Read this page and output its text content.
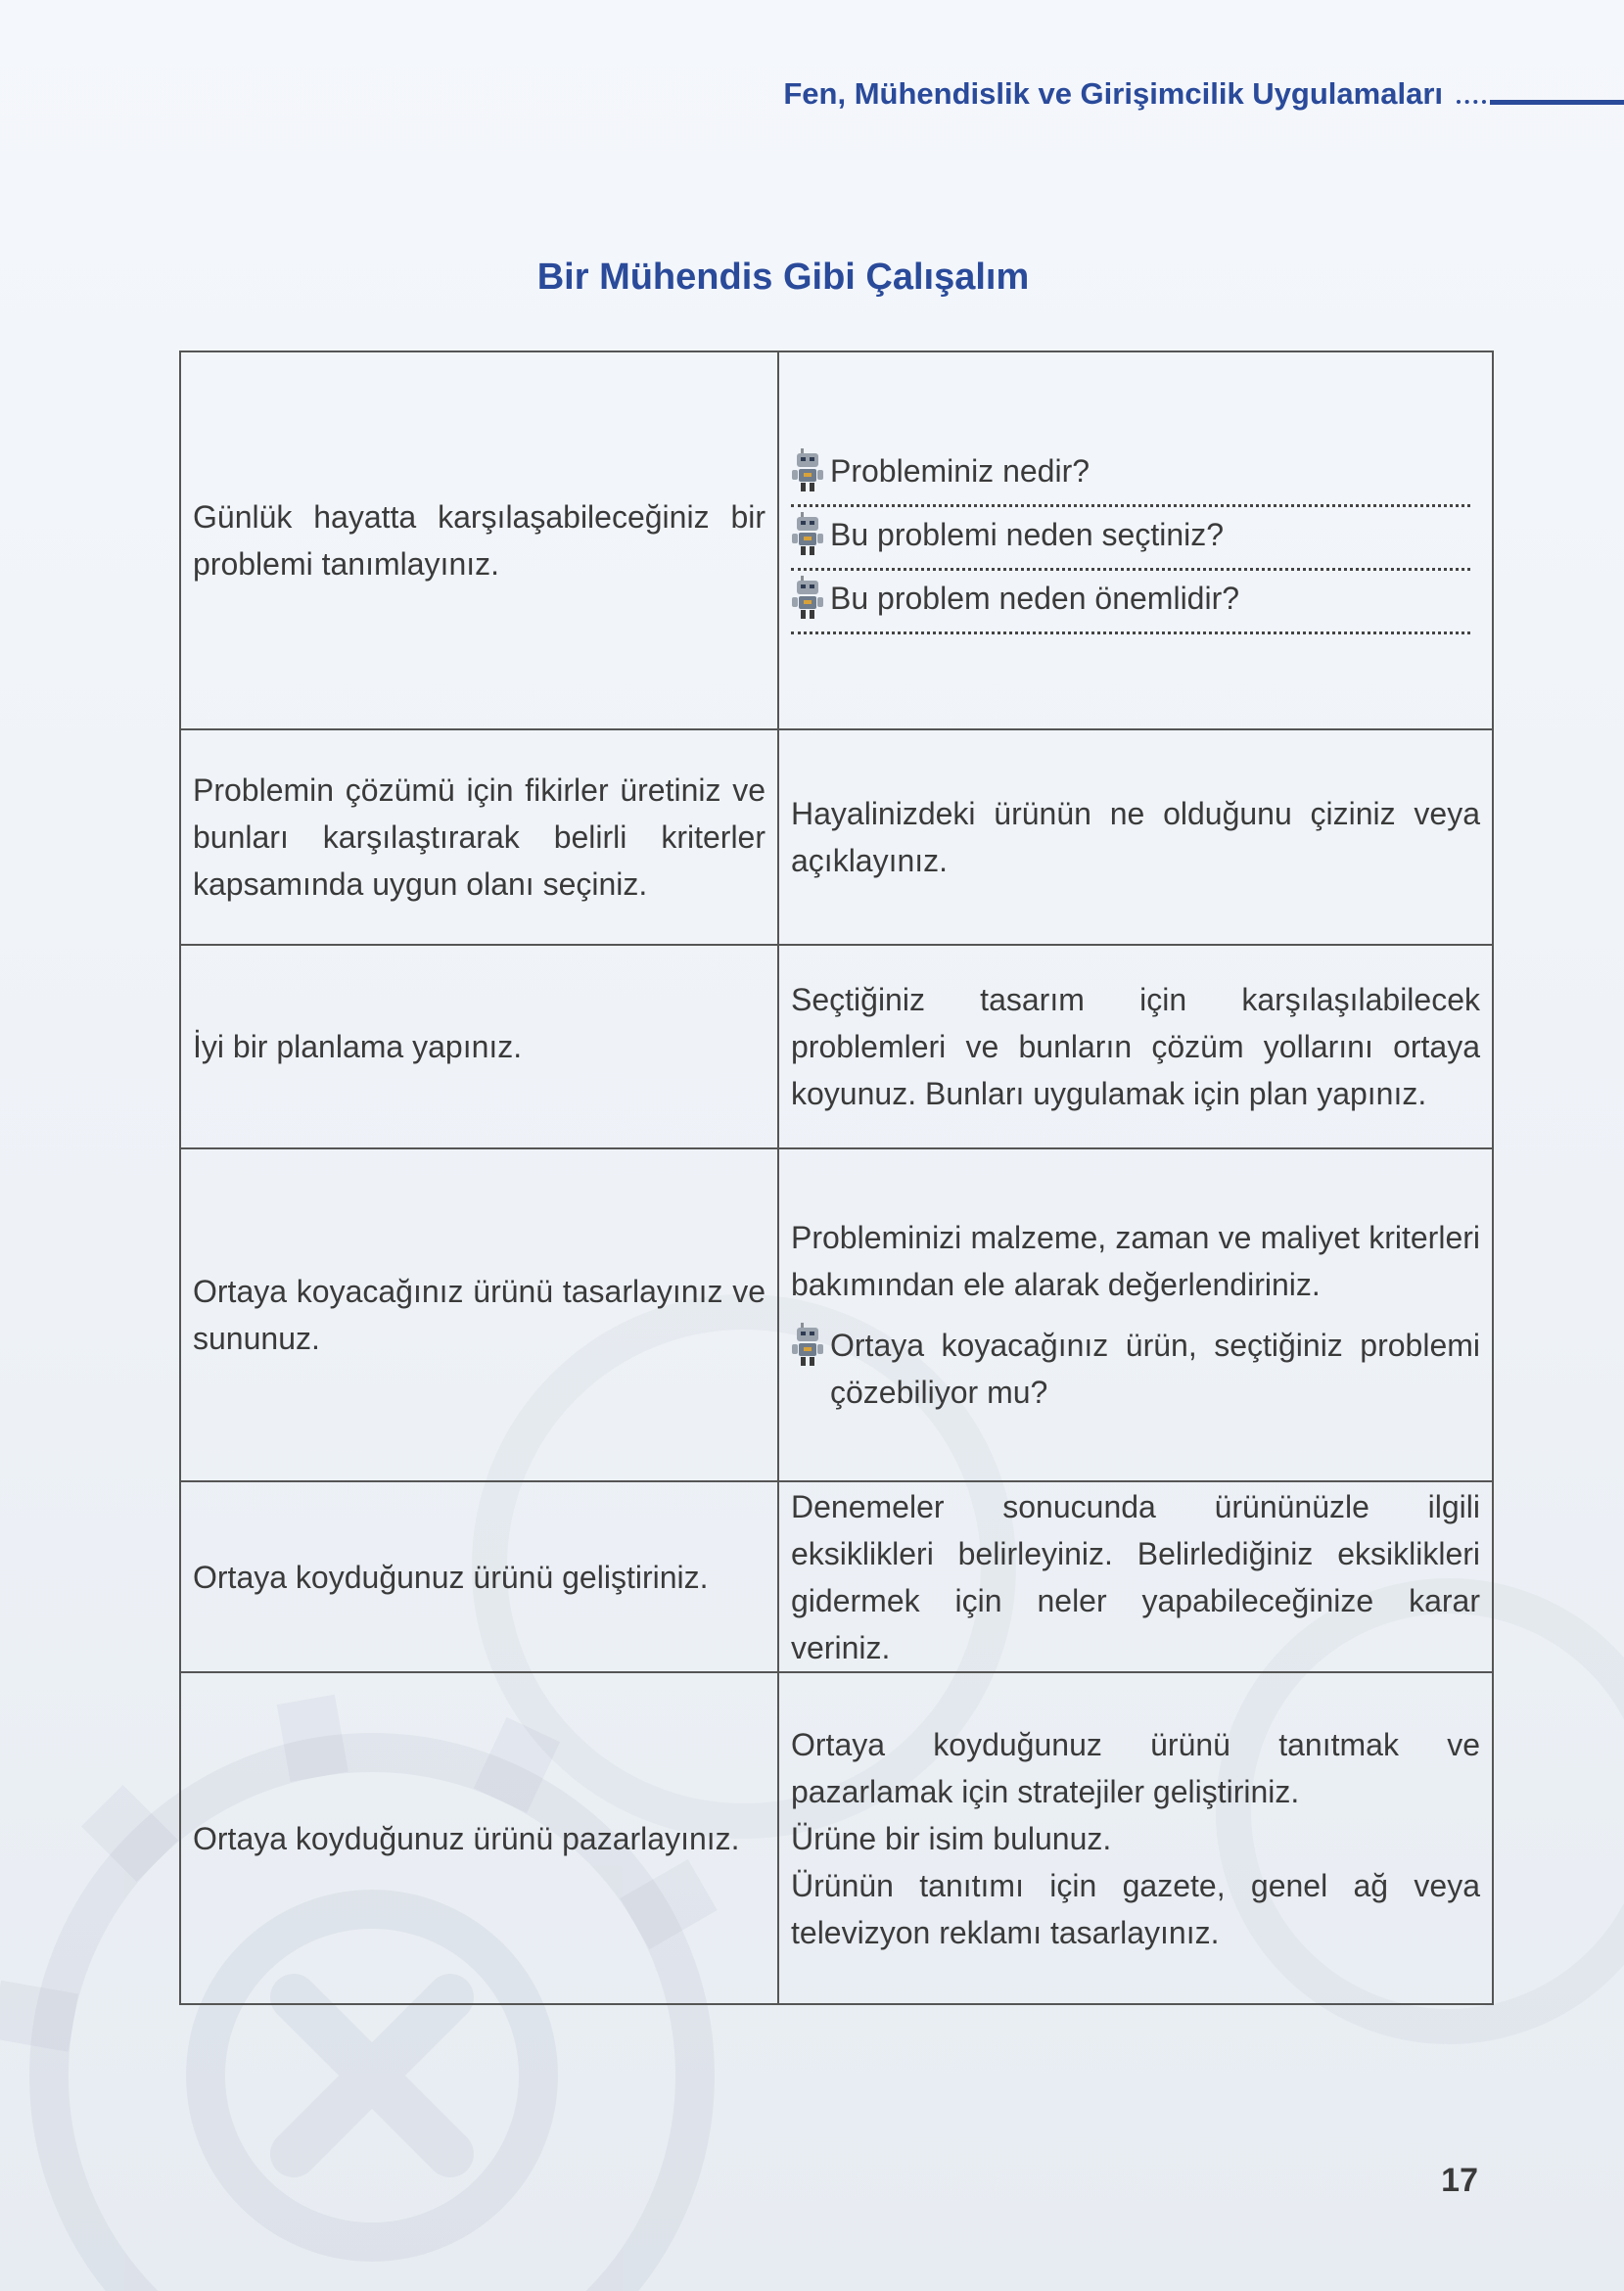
Fen, Mühendislik ve Girişimcilik Uygulamaları
Bir Mühendis Gibi Çalışalım
Günlük hayatta karşılaşabileceğiniz bir problemi tanımlayınız.	Probleminiz nedir?
Bu problemi neden seçtiniz?
Bu problem neden önemlidir?

Problemin çözümü için fikirler üretiniz ve bunları karşılaştırarak belirli kriterler kapsamında uygun olanı seçiniz.	Hayalinizdeki ürünün ne olduğunu çiziniz veya açıklayınız.
İyi bir planlama yapınız.	Seçtiğiniz tasarım için karşılaşılabilecek problemleri ve bunların çözüm yollarını ortaya koyunuz. Bunları uygulamak için plan yapınız.
Ortaya koyacağınız ürünü tasarlayınız ve sununuz.	Probleminizi malzeme, zaman ve maliyet kriterleri bakımından ele alarak değerlendiriniz.
Ortaya koyacağınız ürün, seçtiğiniz problemi çözebiliyor mu?

Ortaya koyduğunuz ürünü geliştiriniz.	Denemeler sonucunda ürününüzle ilgili eksiklikleri belirleyiniz. Belirlediğiniz eksiklikleri gidermek için neler yapabileceğinize karar veriniz.
Ortaya koyduğunuz ürünü pazarlayınız.	Ortaya koyduğunuz ürünü tanıtmak ve pazarlamak için stratejiler geliştiriniz.
Ürüne bir isim bulunuz.
Ürünün tanıtımı için gazete, genel ağ veya televizyon reklamı tasarlayınız.
17
